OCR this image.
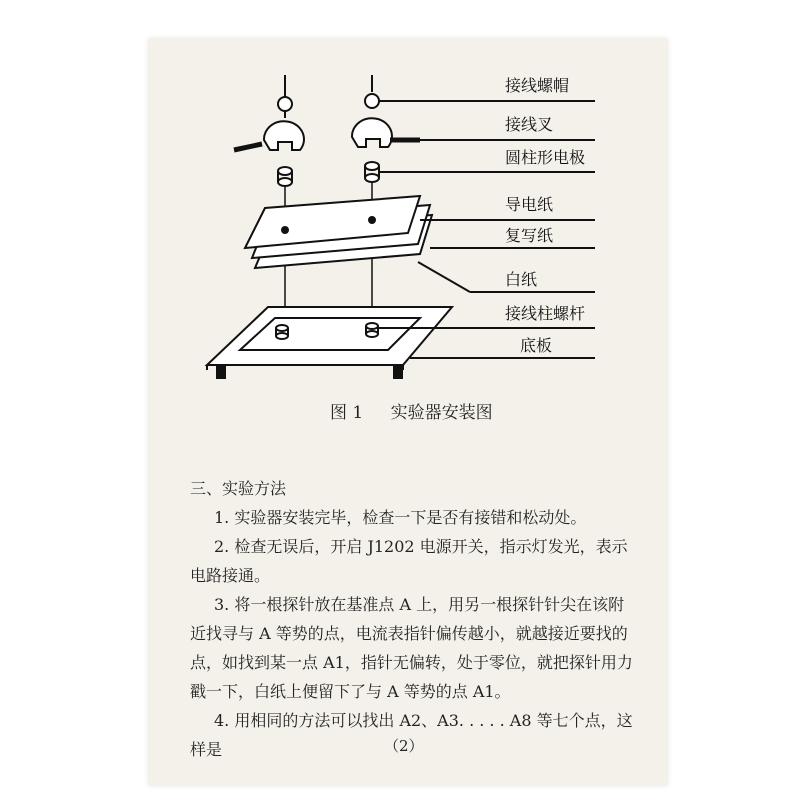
接线螺帽
接线叉
圆柱形电极
导电纸
复写纸
白纸
接线柱螺杆
底板
图 1 实验器安装图

三、实验方法

1. 实验器安装完毕，检查一下是否有接错和松动处。

2. 检查无误后，开启 J1202 电源开关，指示灯发光，表示电路接通。

3. 将一根探针放在基准点 A 上，用另一根探针针尖在该附近找寻与 A 等势的点，电流表指针偏传越小，就越接近要找的点，如找到某一点 A1，指针无偏转，处于零位，就把探针用力戳一下，白纸上便留下了与 A 等势的点 A1。

4. 用相同的方法可以找出 A2、A3. . . . . A8 等七个点，这样是	（2）
